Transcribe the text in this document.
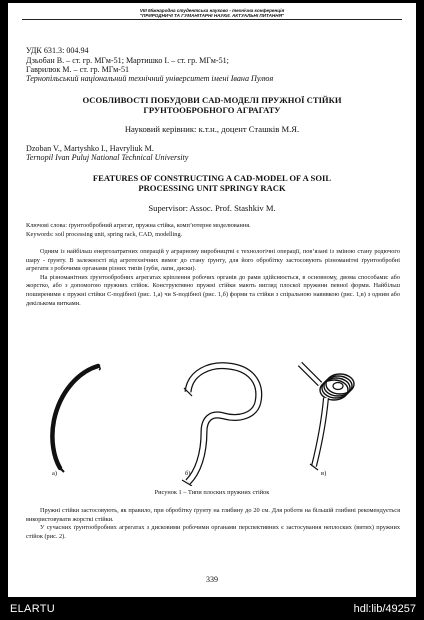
VIII Міжнародна студентська науково - технічна конференція
"ПРИРОДНИЧІ ТА ГУМАНІТАРНІ НАУКИ. АКТУАЛЬНІ ПИТАННЯ"
УДК 631.3: 004.94
Дзьобан В. – ст. гр. МГм-51; Мартишко І. – ст. гр. МГм-51;
Гаврилюк М. – ст. гр. МГм-51
Тернопільський національний технічний університет імені Івана Пулюя
ОСОБЛИВОСТІ ПОБУДОВИ CAD-МОДЕЛІ ПРУЖНОЇ СТІЙКИ
ГРУНТООБРОБНОГО АГРАГАТУ
Науковий керівник: к.т.н., доцент Сташків М.Я.
Dzoban V., Martyshko I., Havryliuk M.
Ternopil Ivan Puluj National Technical University
FEATURES OF CONSTRUCTING A CAD-MODEL OF A SOIL
PROCESSING UNIT SPRINGY RACK
Supervisor: Assoc. Prof. Stashkiv M.

Ключові слова: ґрунтообробний агрегат, пружна стійка, комп’ютерне моделювання.

Keywords: soil processing unit, spring rack, CAD, modelling.

Одним із найбільш енергозатратних операцій у аграрному виробництві є технологічні операції, пов’язані із зміною стану родючого шару - ґрунту. В залежності від агротехнічних вимог до стану ґрунту, для його обробітку застосовують різноманітні ґрунтообробні агрегати з робочими органами різних типів (зуби, лапи, диски).

На різноманітних ґрунтообробних агрегатах кріплення робочих органів до рами здійснюється, в основному, двома способами: або жорстко, або з допомогою пружних стійок. Конструктивно пружні стійки мають вигляд плоскої пружини певної форми. Найбільш поширеними є пружні стійки С-подібної (рис. 1,а) чи S-подібної (рис. 1,б) форми та стійки з спіральною навивкою (рис. 1,в) з одним або декількома витками.

а)	б)	в)
Рисунок 1 – Типи плоских пружних стійок

Пружні стійки застосовують, як правило, при обробітку ґрунту на глибину до 20 см. Для роботи на більшій глибині рекомендується використовувати жорсткі стійки.

У сучасних ґрунтообробних агрегатах з дисковими робочими органами перспективних є застосування неплоских (витих) пружних стійок (рис. 2).

339
ELARTU	hdl:lib/49257
